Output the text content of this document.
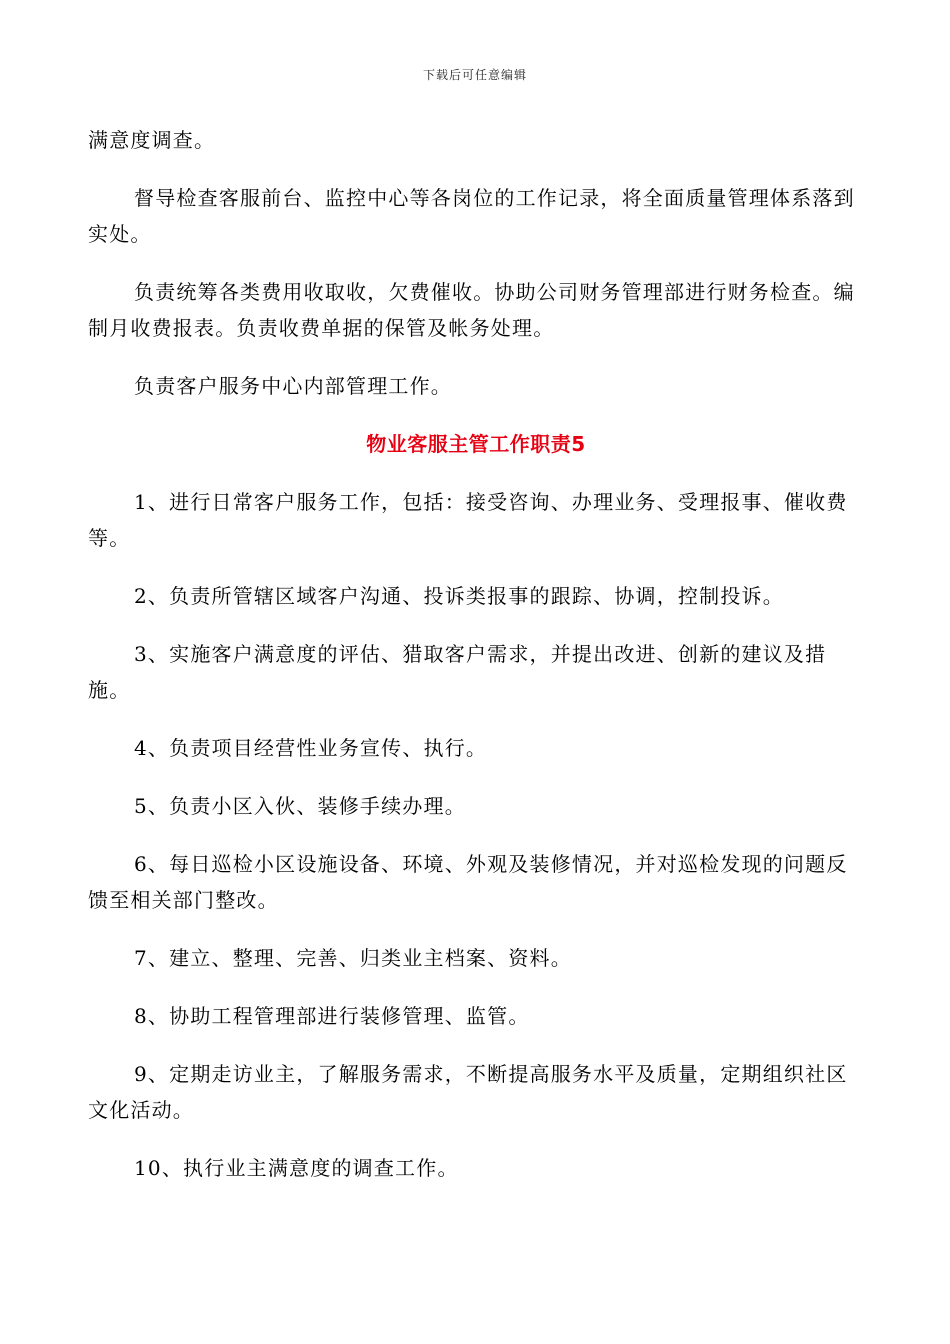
下载后可任意编辑

满意度调查。

督导检查客服前台、监控中心等各岗位的工作记录，将全面质量管理体系落到实处。

负责统筹各类费用收取收，欠费催收。协助公司财务管理部进行财务检查。编制月收费报表。负责收费单据的保管及帐务处理。

负责客户服务中心内部管理工作。

物业客服主管工作职责5

1、进行日常客户服务工作，包括：接受咨询、办理业务、受理报事、催收费等。

2、负责所管辖区域客户沟通、投诉类报事的跟踪、协调，控制投诉。

3、实施客户满意度的评估、猎取客户需求，并提出改进、创新的建议及措施。

4、负责项目经营性业务宣传、执行。

5、负责小区入伙、装修手续办理。

6、每日巡检小区设施设备、环境、外观及装修情况，并对巡检发现的问题反馈至相关部门整改。

7、建立、整理、完善、归类业主档案、资料。

8、协助工程管理部进行装修管理、监管。

9、定期走访业主，了解服务需求，不断提高服务水平及质量，定期组织社区文化活动。

10、执行业主满意度的调查工作。
